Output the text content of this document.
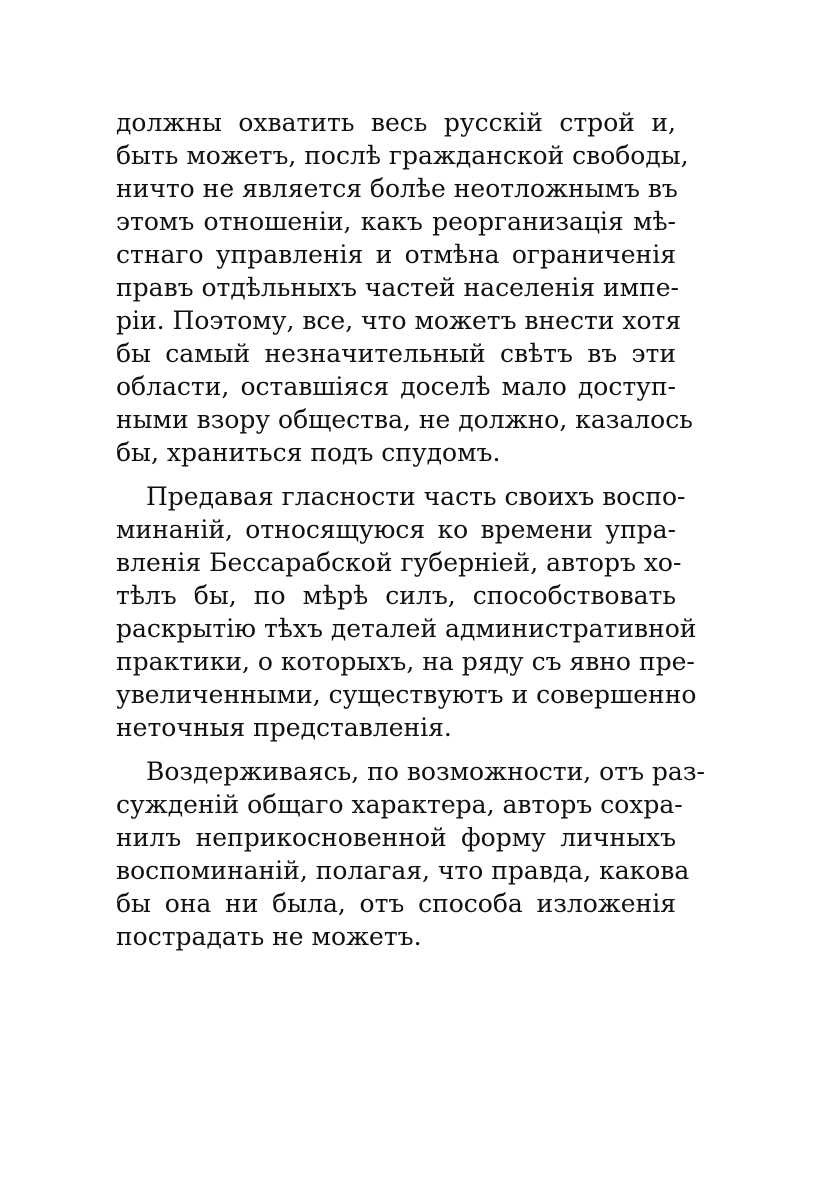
должны охватить весь русскій строй и,
быть можетъ, послѣ гражданской свободы,
ничто не является болѣе неотложнымъ въ
этомъ отношеніи, какъ реорганизація мѣ-
стнаго управленія и отмѣна ограниченія
правъ отдѣльныхъ частей населенія импе-
ріи. Поэтому, все, что можетъ внести хотя
бы самый незначительный свѣтъ въ эти
области, оставшіяся доселѣ мало доступ-
ными взору общества, не должно, казалось
бы, храниться подъ спудомъ.

Предавая гласности часть своихъ воспо-
минаній, относящуюся ко времени упра-
вленія Бессарабской губерніей, авторъ хо-
тѣлъ бы, по мѣрѣ силъ, способствовать
раскрытію тѣхъ деталей административной
практики, о которыхъ, на ряду съ явно пре-
увеличенными, существуютъ и совершенно
неточныя представленія.

Воздерживаясь, по возможности, отъ раз-
сужденій общаго характера, авторъ сохра-
нилъ неприкосновенной форму личныхъ
воспоминаній, полагая, что правда, какова
бы она ни была, отъ способа изложенія
пострадать не можетъ.
